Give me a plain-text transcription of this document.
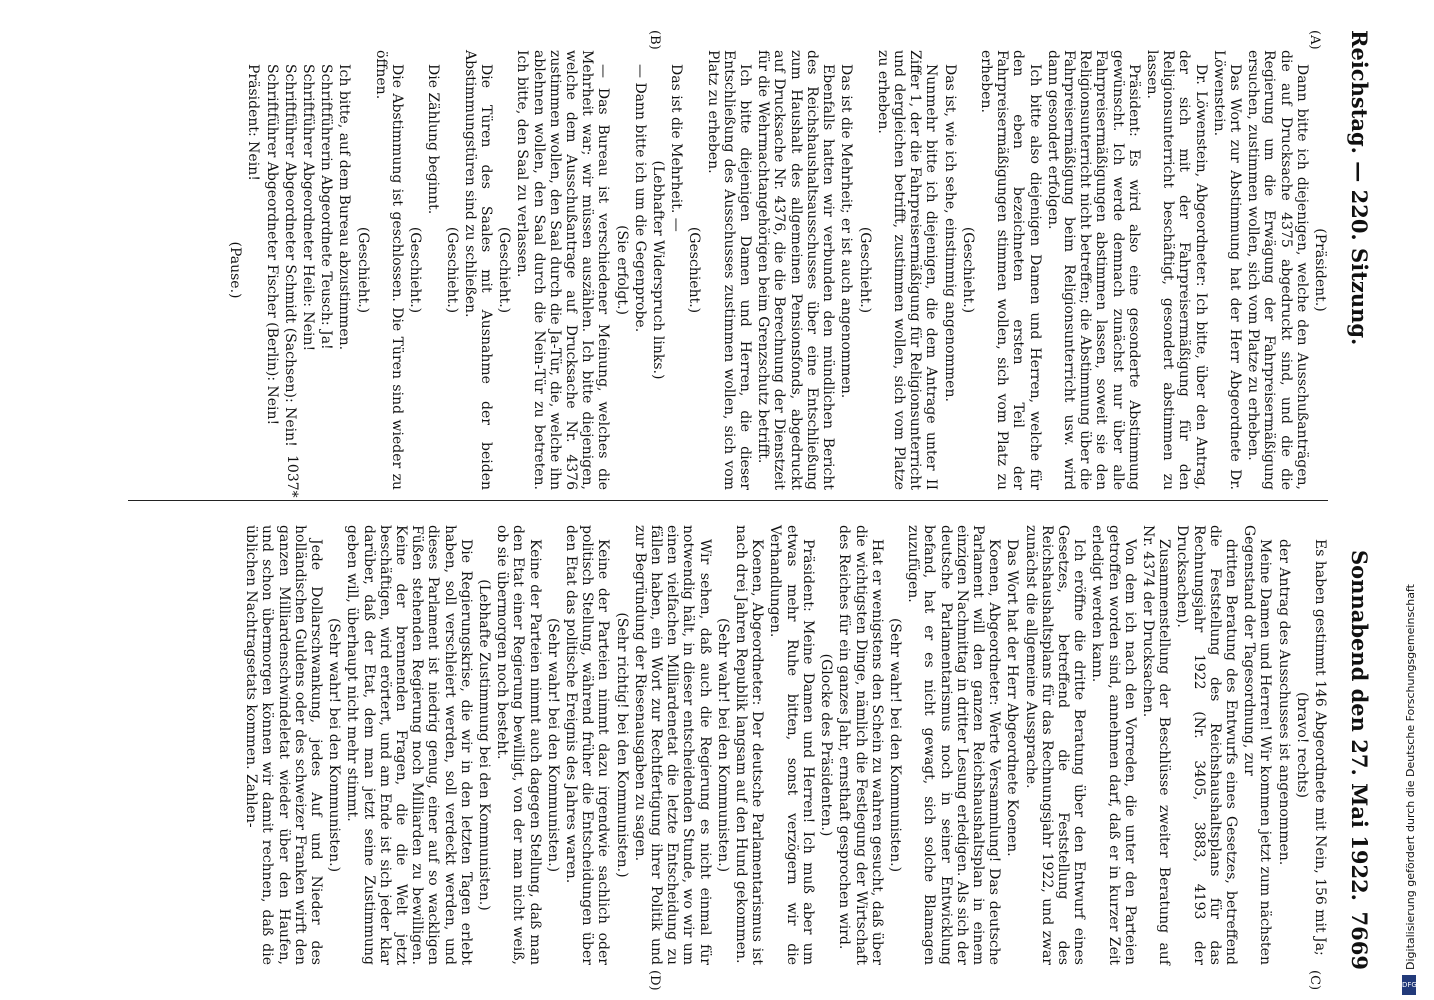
Reichstag. — 220. Sitzung.
Sonnabend den 27. Mai 1922.
7669
(A)
(B)
(C)
(D)

(Präsident.)

Dann bitte ich diejenigen, welche den Ausschußanträgen, die auf Drucksache 4375 abgedruckt sind, und die die Regierung um die Erwägung der Fahrpreisermäßigung ersuchen, zustimmen wollen, sich vom Platze zu erheben.

Das Wort zur Abstimmung hat der Herr Abgeordnete Dr. Löwenstein.

Dr. Löwenstein, Abgeordneter: Ich bitte, über den Antrag, der sich mit der Fahrpreisermäßigung für den Religionsunterricht beschäftigt, gesondert abstimmen zu lassen.

Präsident: Es wird also eine gesonderte Abstimmung gewünscht. Ich werde demnach zunächst nur über alle Fahrpreisermäßigungen abstimmen lassen, soweit sie den Religionsunterricht nicht betreffen; die Abstimmung über die Fahrpreisermäßigung beim Religionsunterricht usw. wird dann gesondert erfolgen.

Ich bitte also diejenigen Damen und Herren, welche für den eben bezeichneten ersten Teil der Fahrpreisermäßigungen stimmen wollen, sich vom Platz zu erheben.

(Geschieht.)

Das ist, wie ich sehe, einstimmig angenommen.

Nunmehr bitte ich diejenigen, die dem Antrage unter II Ziffer 1, der die Fahrpreisermäßigung für Religionsunterricht und dergleichen betrifft, zustimmen wollen, sich vom Platze zu erheben.

(Geschieht.)

Das ist die Mehrheit; er ist auch angenommen.

Ebenfalls hatten wir verbunden den mündlichen Bericht des Reichshaushaltsausschusses über eine Entschließung zum Haushalt des allgemeinen Pensionsfonds, abgedruckt auf Drucksache Nr. 4376, die die Berechnung der Dienstzeit für die Wehrmachtangehörigen beim Grenzschutz betrifft.

Ich bitte diejenigen Damen und Herren, die dieser Entschließung des Ausschusses zustimmen wollen, sich vom Platz zu erheben.

(Geschieht.)

Das ist die Mehrheit. —

(Lebhafter Widerspruch links.)

— Dann bitte ich um die Gegenprobe.

(Sie erfolgt.)

— Das Bureau ist verschiedener Meinung, welches die Mehrheit war; wir müssen auszählen. Ich bitte diejenigen, welche dem Ausschußantrage auf Drucksache Nr. 4376 zustimmen wollen, den Saal durch die Ja-Tür, die, welche ihn ablehnen wollen, den Saal durch die Nein-Tür zu betreten. Ich bitte, den Saal zu verlassen.

(Geschieht.)

Die Türen des Saales mit Ausnahme der beiden Abstimmungstüren sind zu schließen.

(Geschieht.)

Die Zählung beginnt.

(Geschieht.)

Die Abstimmung ist geschlossen. Die Türen sind wieder zu öffnen.

(Geschieht.)

Ich bitte, auf dem Bureau abzustimmen.

Schriftführerin Abgeordnete Teusch: Ja!

Schriftführer Abgeordneter Heile: Nein!

Schriftführer Abgeordneter Schmidt (Sachsen): Nein!

Schriftführer Abgeordneter Fischer (Berlin): Nein!

Präsident: Nein!

(Pause.)

Es haben gestimmt 146 Abgeordnete mit Nein, 156 mit Ja;

(bravo! rechts)

der Antrag des Ausschusses ist angenommen.

Meine Damen und Herren! Wir kommen jetzt zum nächsten Gegenstand der Tagesordnung, zur

dritten Beratung des Entwurfs eines Gesetzes, betreffend die Feststellung des Reichshaushaltsplans für das Rechnungsjahr 1922 (Nr. 3405, 3883, 4193 der Drucksachen).

Zusammenstellung der Beschlüsse zweiter Beratung auf Nr. 4374 der Drucksachen.

Von dem ich nach den Vorreden, die unter den Parteien getroffen worden sind, annehmen darf, daß er in kurzer Zeit erledigt werden kann.

Ich eröffne die dritte Beratung über den Entwurf eines Gesetzes, betreffend die Feststellung des Reichshaushaltsplans für das Rechnungsjahr 1922, und zwar zunächst die allgemeine Aussprache.

Das Wort hat der Herr Abgeordnete Koenen.

Koenen, Abgeordneter: Werte Versammlung! Das deutsche Parlament will den ganzen Reichshaushaltsplan in einem einzigen Nachmittag in dritter Lesung erledigen. Als sich der deutsche Parlamentarismus noch in seiner Entwicklung befand, hat er es nicht gewagt, sich solche Blamagen zuzufügen.

(Sehr wahr! bei den Kommunisten.)

Hat er wenigstens den Schein zu wahren gesucht, daß über die wichtigsten Dinge, nämlich die Festlegung der Wirtschaft des Reiches für ein ganzes Jahr, ernsthaft gesprochen wird.

(Glocke des Präsidenten.)

Präsident: Meine Damen und Herren! Ich muß aber um etwas mehr Ruhe bitten, sonst verzögern wir die Verhandlungen.

Koenen, Abgeordneter: Der deutsche Parlamentarismus ist nach drei Jahren Republik langsam auf den Hund gekommen.

(Sehr wahr! bei den Kommunisten.)

Wir sehen, daß auch die Regierung es nicht einmal für notwendig hält, in dieser entscheidenden Stunde, wo wir um einen vielfachen Milliardenetat die letzte Entscheidung zu fällen haben, ein Wort zur Rechtfertigung ihrer Politik und zur Begründung der Riesenausgaben zu sagen.

(Sehr richtig! bei den Kommunisten.)

Keine der Parteien nimmt dazu irgendwie sachlich oder politisch Stellung, während früher die Entscheidungen über den Etat das politische Ereignis des Jahres waren.

(Sehr wahr! bei den Kommunisten.)

Keine der Parteien nimmt auch dagegen Stellung, daß man den Etat einer Regierung bewilligt, von der man nicht weiß, ob sie übermorgen noch besteht.

(Lebhafte Zustimmung bei den Kommunisten.)

Die Regierungskrise, die wir in den letzten Tagen erlebt haben, soll verschleiert werden, soll verdeckt werden, und dieses Parlament ist niedrig genug, einer auf so wackligen Füßen stehenden Regierung noch Milliarden zu bewilligen. Keine der brennenden Fragen, die die Welt jetzt beschäftigen, wird erörtert, und am Ende ist sich jeder klar darüber, daß der Etat, dem man jetzt seine Zustimmung geben will, überhaupt nicht mehr stimmt.

(Sehr wahr! bei den Kommunisten.)

Jede Dollarschwankung, jedes Auf und Nieder des holländischen Guldens oder des schweizer Franken wirft den ganzen Milliardenschwindeletat wieder über den Haufen, und schon übermorgen können wir damit rechnen, daß die üblichen Nachtragsetats kommen. Zahlen-

1037*
Digitalisierung gefördert durch die Deutsche Forschungsgemeinschaft
DFG
